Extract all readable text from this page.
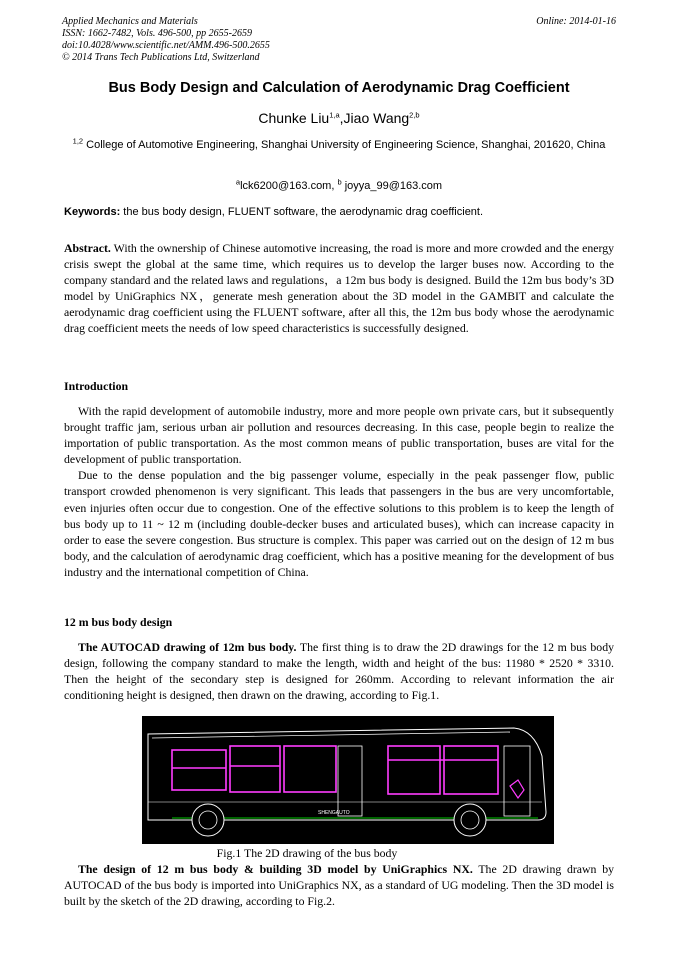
Applied Mechanics and Materials
ISSN: 1662-7482, Vols. 496-500, pp 2655-2659
doi:10.4028/www.scientific.net/AMM.496-500.2655
© 2014 Trans Tech Publications Ltd, Switzerland
Online: 2014-01-16
Bus Body Design and Calculation of Aerodynamic Drag Coefficient
Chunke Liu$^{1,a}$,Jiao Wang$^{2,b}$
$^{1,2}$ College of Automotive Engineering, Shanghai University of Engineering Science, Shanghai, 201620, China
$^a$lck6200@163.com, $^b$ joyya_99@163.com
Keywords: the bus body design, FLUENT software, the aerodynamic drag coefficient.

Abstract. With the ownership of Chinese automotive increasing, the road is more and more crowded and the energy crisis swept the global at the same time, which requires us to develop the larger buses now. According to the company standard and the related laws and regulations，a 12m bus body is designed. Build the 12m bus body’s 3D model by UniGraphics NX，generate mesh generation about the 3D model in the GAMBIT and calculate the aerodynamic drag coefficient using the FLUENT software, after all this, the 12m bus body whose the aerodynamic drag coefficient meets the needs of low speed characteristics is successfully designed.

Introduction

With the rapid development of automobile industry, more and more people own private cars, but it subsequently brought traffic jam, serious urban air pollution and resources decreasing. In this case, people begin to realize the importation of public transportation. As the most common means of public transportation, buses are vital for the development of public transportation.

Due to the dense population and the big passenger volume, especially in the peak passenger flow, public transport crowded phenomenon is very significant. This leads that passengers in the bus are very uncomfortable, even injuries often occur due to congestion. One of the effective solutions to this problem is to keep the length of bus body up to 11 ~ 12 m (including double-decker buses and articulated buses), which can increase capacity in order to ease the severe congestion. Bus structure is complex. This paper was carried out on the design of 12 m bus body, and the calculation of aerodynamic drag coefficient, which has a positive meaning for the development of bus industry and the international competition of China.

12 m bus body design

The AUTOCAD drawing of 12m bus body. The first thing is to draw the 2D drawings for the 12 m bus body design, following the company standard to make the length, width and height of the bus: 11980 * 2520 * 3310. Then the height of the secondary step is designed for 260mm. According to relevant information the air conditioning height is designed, then drawn on the drawing, according to Fig.1.

SHENGAUTO
Fig.1 The 2D drawing of the bus body

The design of 12 m bus body & building 3D model by UniGraphics NX. The 2D drawing drawn by AUTOCAD of the bus body is imported into UniGraphics NX, as a standard of UG modeling. Then the 3D model is built by the sketch of the 2D drawing, according to Fig.2.
